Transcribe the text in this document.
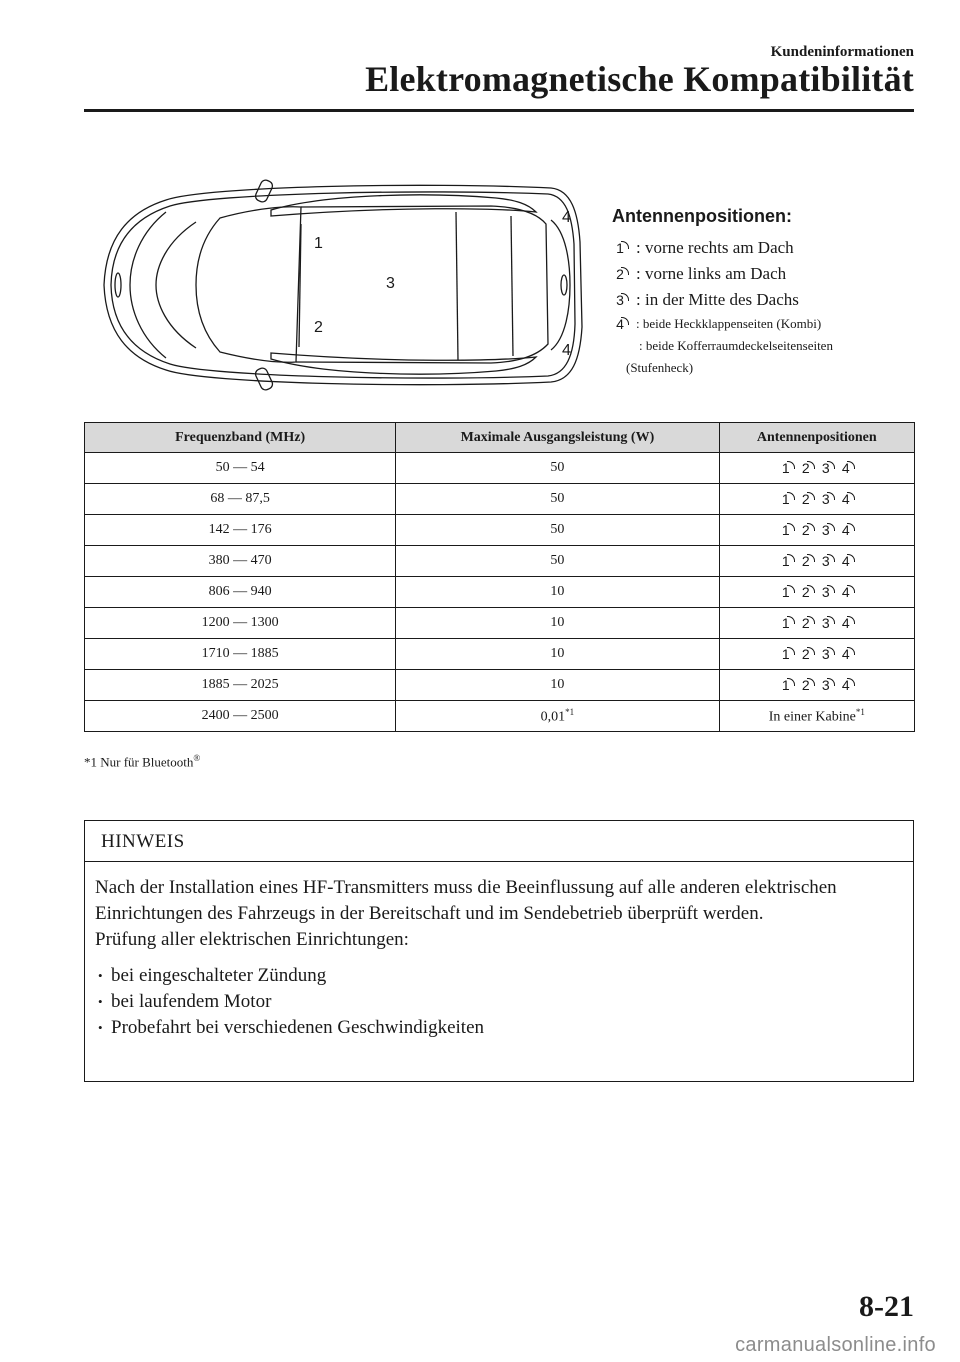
Kundeninformationen
Elektromagnetische Kompatibilität
1
2
3
4
4
Antennenpositionen:
1 : vorne rechts am Dach
2 : vorne links am Dach
3 : in der Mitte des Dachs
4 : beide Heckklappenseiten (Kombi)
: beide Kofferraumdeckelseitenseiten
(Stufenheck)
Frequenzband (MHz)	Maximale Ausgangsleistung (W)	Antennenpositionen
50 — 54	50	1 2 3 4

68 — 87,5	50	1 2 3 4

142 — 176	50	1 2 3 4

380 — 470	50	1 2 3 4

806 — 940	10	1 2 3 4

1200 — 1300	10	1 2 3 4

1710 — 1885	10	1 2 3 4

1885 — 2025	10	1 2 3 4

2400 — 2500	0,01$^{*1}$	In einer Kabine$^{*1}$
*1 Nur für Bluetooth®
HINWEIS
Nach der Installation eines HF-Transmitters muss die Beeinflussung auf alle anderen elektrischen Einrichtungen des Fahrzeugs in der Bereitschaft und im Sendebetrieb überprüft werden.
Prüfung aller elektrischen Einrichtungen:
• bei eingeschalteter Zündung
• bei laufendem Motor
• Probefahrt bei verschiedenen Geschwindigkeiten
8-21
carmanualsonline.info
